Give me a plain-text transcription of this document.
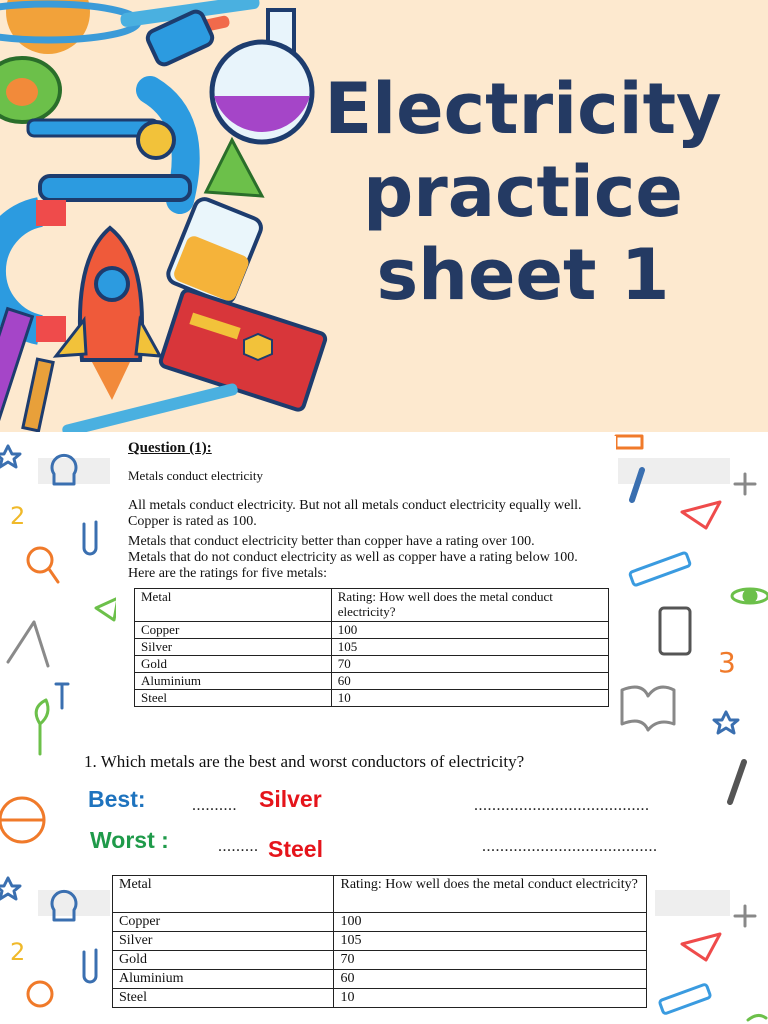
Electricity
practice
sheet 1
2
3
2
Question (1):
Metals conduct electricity

All metals conduct electricity. But not all metals conduct electricity equally well.
Copper is rated as 100.

Metals that conduct electricity better than copper have a rating over 100.
Metals that do not conduct electricity as well as copper have a rating below 100.
Here are the ratings for five metals:

Metal	Rating: How well does the metal conduct electricity?
Copper	100
Silver	105
Gold	70
Aluminium	60
Steel	10
1. Which metals are the best and worst conductors of electricity?
Best:	.......... Silver	.......................................
Worst :	......... Steel	.......................................
Metal	Rating: How well does the metal conduct electricity?
Copper	100
Silver	105
Gold	70
Aluminium	60
Steel	10
